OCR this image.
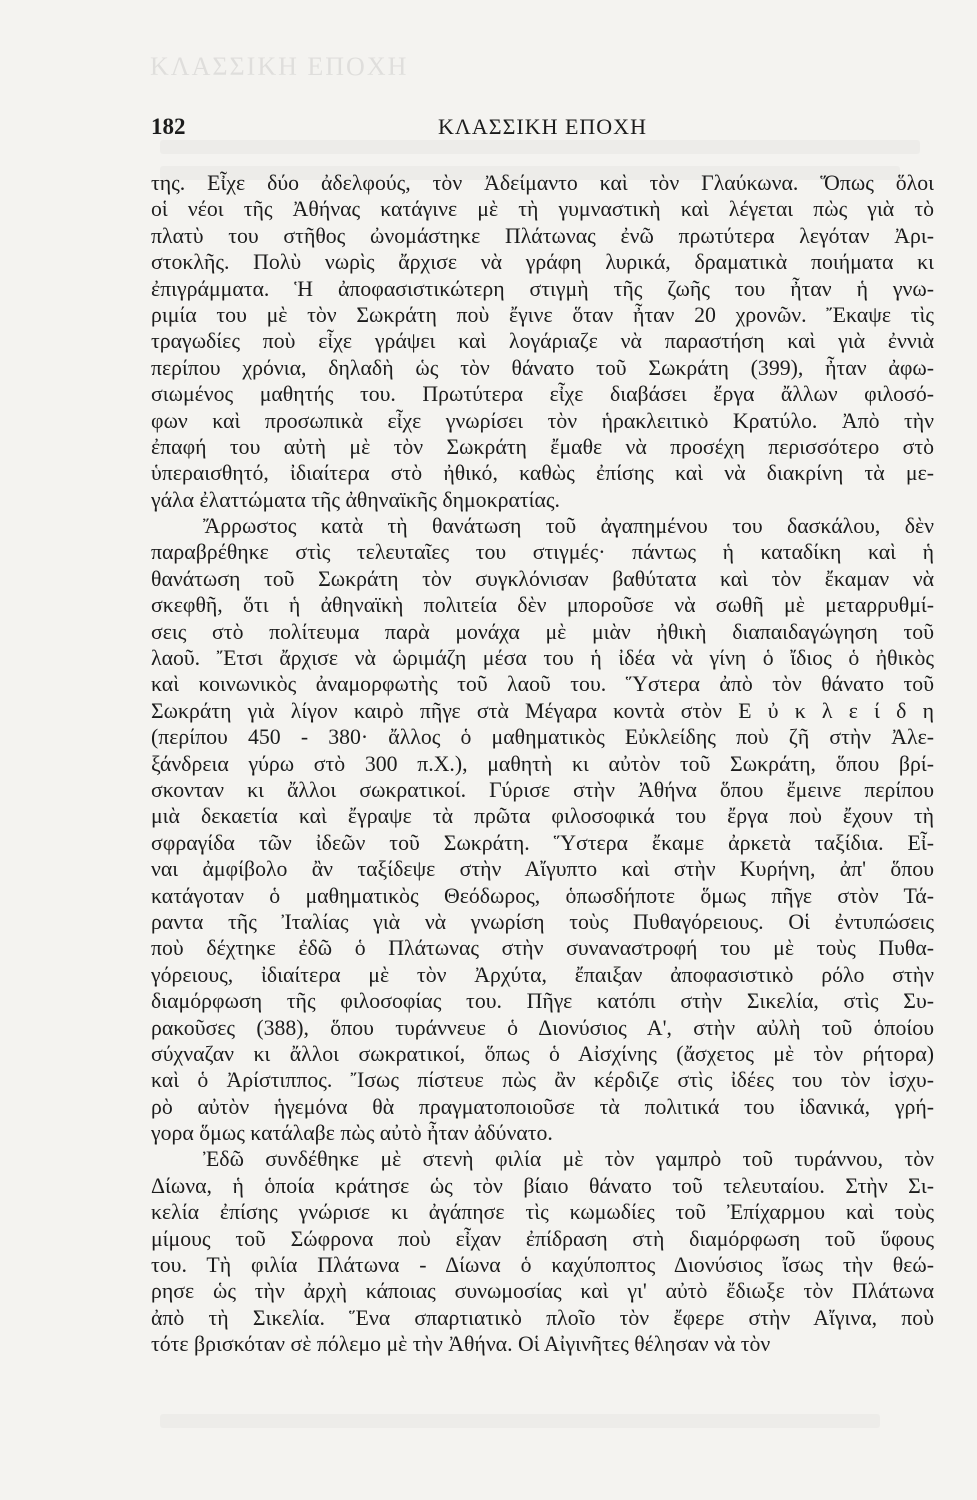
ΚΛΑΣΣΙΚΗ ΕΠΟΧΗ
182	ΚΛΑΣΣΙΚΗ ΕΠΟΧΗ
της. Εἶχε δύο ἀδελφούς, τὸν Ἀδείμαντο καὶ τὸν Γλαύκωνα. Ὅπως ὅλοι
οἱ νέοι τῆς Ἀθήνας κατάγινε μὲ τὴ γυμναστικὴ καὶ λέγεται πὼς γιὰ τὸ
πλατὺ του στῆθος ὠνομάστηκε Πλάτωνας ἐνῶ πρωτύτερα λεγόταν Ἀρι-
στοκλῆς. Πολὺ νωρὶς ἄρχισε νὰ γράφη λυρικά, δραματικὰ ποιήματα κι
ἐπιγράμματα. Ἡ ἀποφασιστικώτερη στιγμὴ τῆς ζωῆς του ἦταν ἡ γνω-
ριμία του μὲ τὸν Σωκράτη ποὺ ἔγινε ὅταν ἦταν 20 χρονῶν. Ἔκαψε τὶς
τραγωδίες ποὺ εἶχε γράψει καὶ λογάριαζε νὰ παραστήση καὶ γιὰ ἐννιὰ
περίπου χρόνια, δηλαδὴ ὡς τὸν θάνατο τοῦ Σωκράτη (399), ἦταν ἀφω-
σιωμένος μαθητής του. Πρωτύτερα εἶχε διαβάσει ἔργα ἄλλων φιλοσό-
φων καὶ προσωπικὰ εἶχε γνωρίσει τὸν ἡρακλειτικὸ Κρατύλο. Ἀπὸ τὴν
ἐπαφή του αὐτὴ μὲ τὸν Σωκράτη ἔμαθε νὰ προσέχη περισσότερο στὸ
ὑπεραισθητό, ἰδιαίτερα στὸ ἠθικό, καθὼς ἐπίσης καὶ νὰ διακρίνη τὰ με-
γάλα ἐλαττώματα τῆς ἀθηναϊκῆς δημοκρατίας.
Ἄρρωστος κατὰ τὴ θανάτωση τοῦ ἀγαπημένου του δασκάλου, δὲν
παραβρέθηκε στὶς τελευταῖες του στιγμές· πάντως ἡ καταδίκη καὶ ἡ
θανάτωση τοῦ Σωκράτη τὸν συγκλόνισαν βαθύτατα καὶ τὸν ἔκαμαν νὰ
σκεφθῆ, ὅτι ἡ ἀθηναϊκὴ πολιτεία δὲν μποροῦσε νὰ σωθῆ μὲ μεταρρυθμί-
σεις στὸ πολίτευμα παρὰ μονάχα μὲ μιὰν ἠθικὴ διαπαιδαγώγηση τοῦ
λαοῦ. Ἔτσι ἄρχισε νὰ ὡριμάζη μέσα του ἡ ἰδέα νὰ γίνη ὁ ἴδιος ὁ ἠθικὸς
καὶ κοινωνικὸς ἀναμορφωτὴς τοῦ λαοῦ του. Ὕστερα ἀπὸ τὸν θάνατο τοῦ
Σωκράτη γιὰ λίγον καιρὸ πῆγε στὰ Μέγαρα κοντὰ στὸν Ε ὐ κ λ ε ί δ η
(περίπου 450 - 380· ἄλλος ὁ μαθηματικὸς Εὐκλείδης ποὺ ζῆ στὴν Ἀλε-
ξάνδρεια γύρω στὸ 300 π.Χ.), μαθητὴ κι αὐτὸν τοῦ Σωκράτη, ὅπου βρί-
σκονταν κι ἄλλοι σωκρατικοί. Γύρισε στὴν Ἀθήνα ὅπου ἔμεινε περίπου
μιὰ δεκαετία καὶ ἔγραψε τὰ πρῶτα φιλοσοφικά του ἔργα ποὺ ἔχουν τὴ
σφραγίδα τῶν ἰδεῶν τοῦ Σωκράτη. Ὕστερα ἔκαμε ἀρκετὰ ταξίδια. Εἶ-
ναι ἀμφίβολο ἂν ταξίδεψε στὴν Αἴγυπτο καὶ στὴν Κυρήνη, ἀπ' ὅπου
κατάγοταν ὁ μαθηματικὸς Θεόδωρος, ὁπωσδήποτε ὅμως πῆγε στὸν Τά-
ραντα τῆς Ἰταλίας γιὰ νὰ γνωρίση τοὺς Πυθαγόρειους. Οἱ ἐντυπώσεις
ποὺ δέχτηκε ἐδῶ ὁ Πλάτωνας στὴν συναναστροφή του μὲ τοὺς Πυθα-
γόρειους, ἰδιαίτερα μὲ τὸν Ἀρχύτα, ἔπαιξαν ἀποφασιστικὸ ρόλο στὴν
διαμόρφωση τῆς φιλοσοφίας του. Πῆγε κατόπι στὴν Σικελία, στὶς Συ-
ρακοῦσες (388), ὅπου τυράννευε ὁ Διονύσιος Α', στὴν αὐλὴ τοῦ ὁποίου
σύχναζαν κι ἄλλοι σωκρατικοί, ὅπως ὁ Αἰσχίνης (ἄσχετος μὲ τὸν ρήτορα)
καὶ ὁ Ἀρίστιππος. Ἴσως πίστευε πὼς ἂν κέρδιζε στὶς ἰδέες του τὸν ἰσχυ-
ρὸ αὐτὸν ἡγεμόνα θὰ πραγματοποιοῦσε τὰ πολιτικά του ἰδανικά, γρή-
γορα ὅμως κατάλαβε πὼς αὐτὸ ἦταν ἀδύνατο.
Ἐδῶ συνδέθηκε μὲ στενὴ φιλία μὲ τὸν γαμπρὸ τοῦ τυράννου, τὸν
Δίωνα, ἡ ὁποία κράτησε ὡς τὸν βίαιο θάνατο τοῦ τελευταίου. Στὴν Σι-
κελία ἐπίσης γνώρισε κι ἀγάπησε τὶς κωμωδίες τοῦ Ἐπίχαρμου καὶ τοὺς
μίμους τοῦ Σώφρονα ποὺ εἶχαν ἐπίδραση στὴ διαμόρφωση τοῦ ὕφους
του. Τὴ φιλία Πλάτωνα - Δίωνα ὁ καχύποπτος Διονύσιος ἴσως τὴν θεώ-
ρησε ὡς τὴν ἀρχὴ κάποιας συνωμοσίας καὶ γι' αὐτὸ ἔδιωξε τὸν Πλάτωνα
ἀπὸ τὴ Σικελία. Ἕνα σπαρτιατικὸ πλοῖο τὸν ἔφερε στὴν Αἴγινα, ποὺ
τότε βρισκόταν σὲ πόλεμο μὲ τὴν Ἀθήνα. Οἱ Αἰγινῆτες θέλησαν νὰ τὸν
